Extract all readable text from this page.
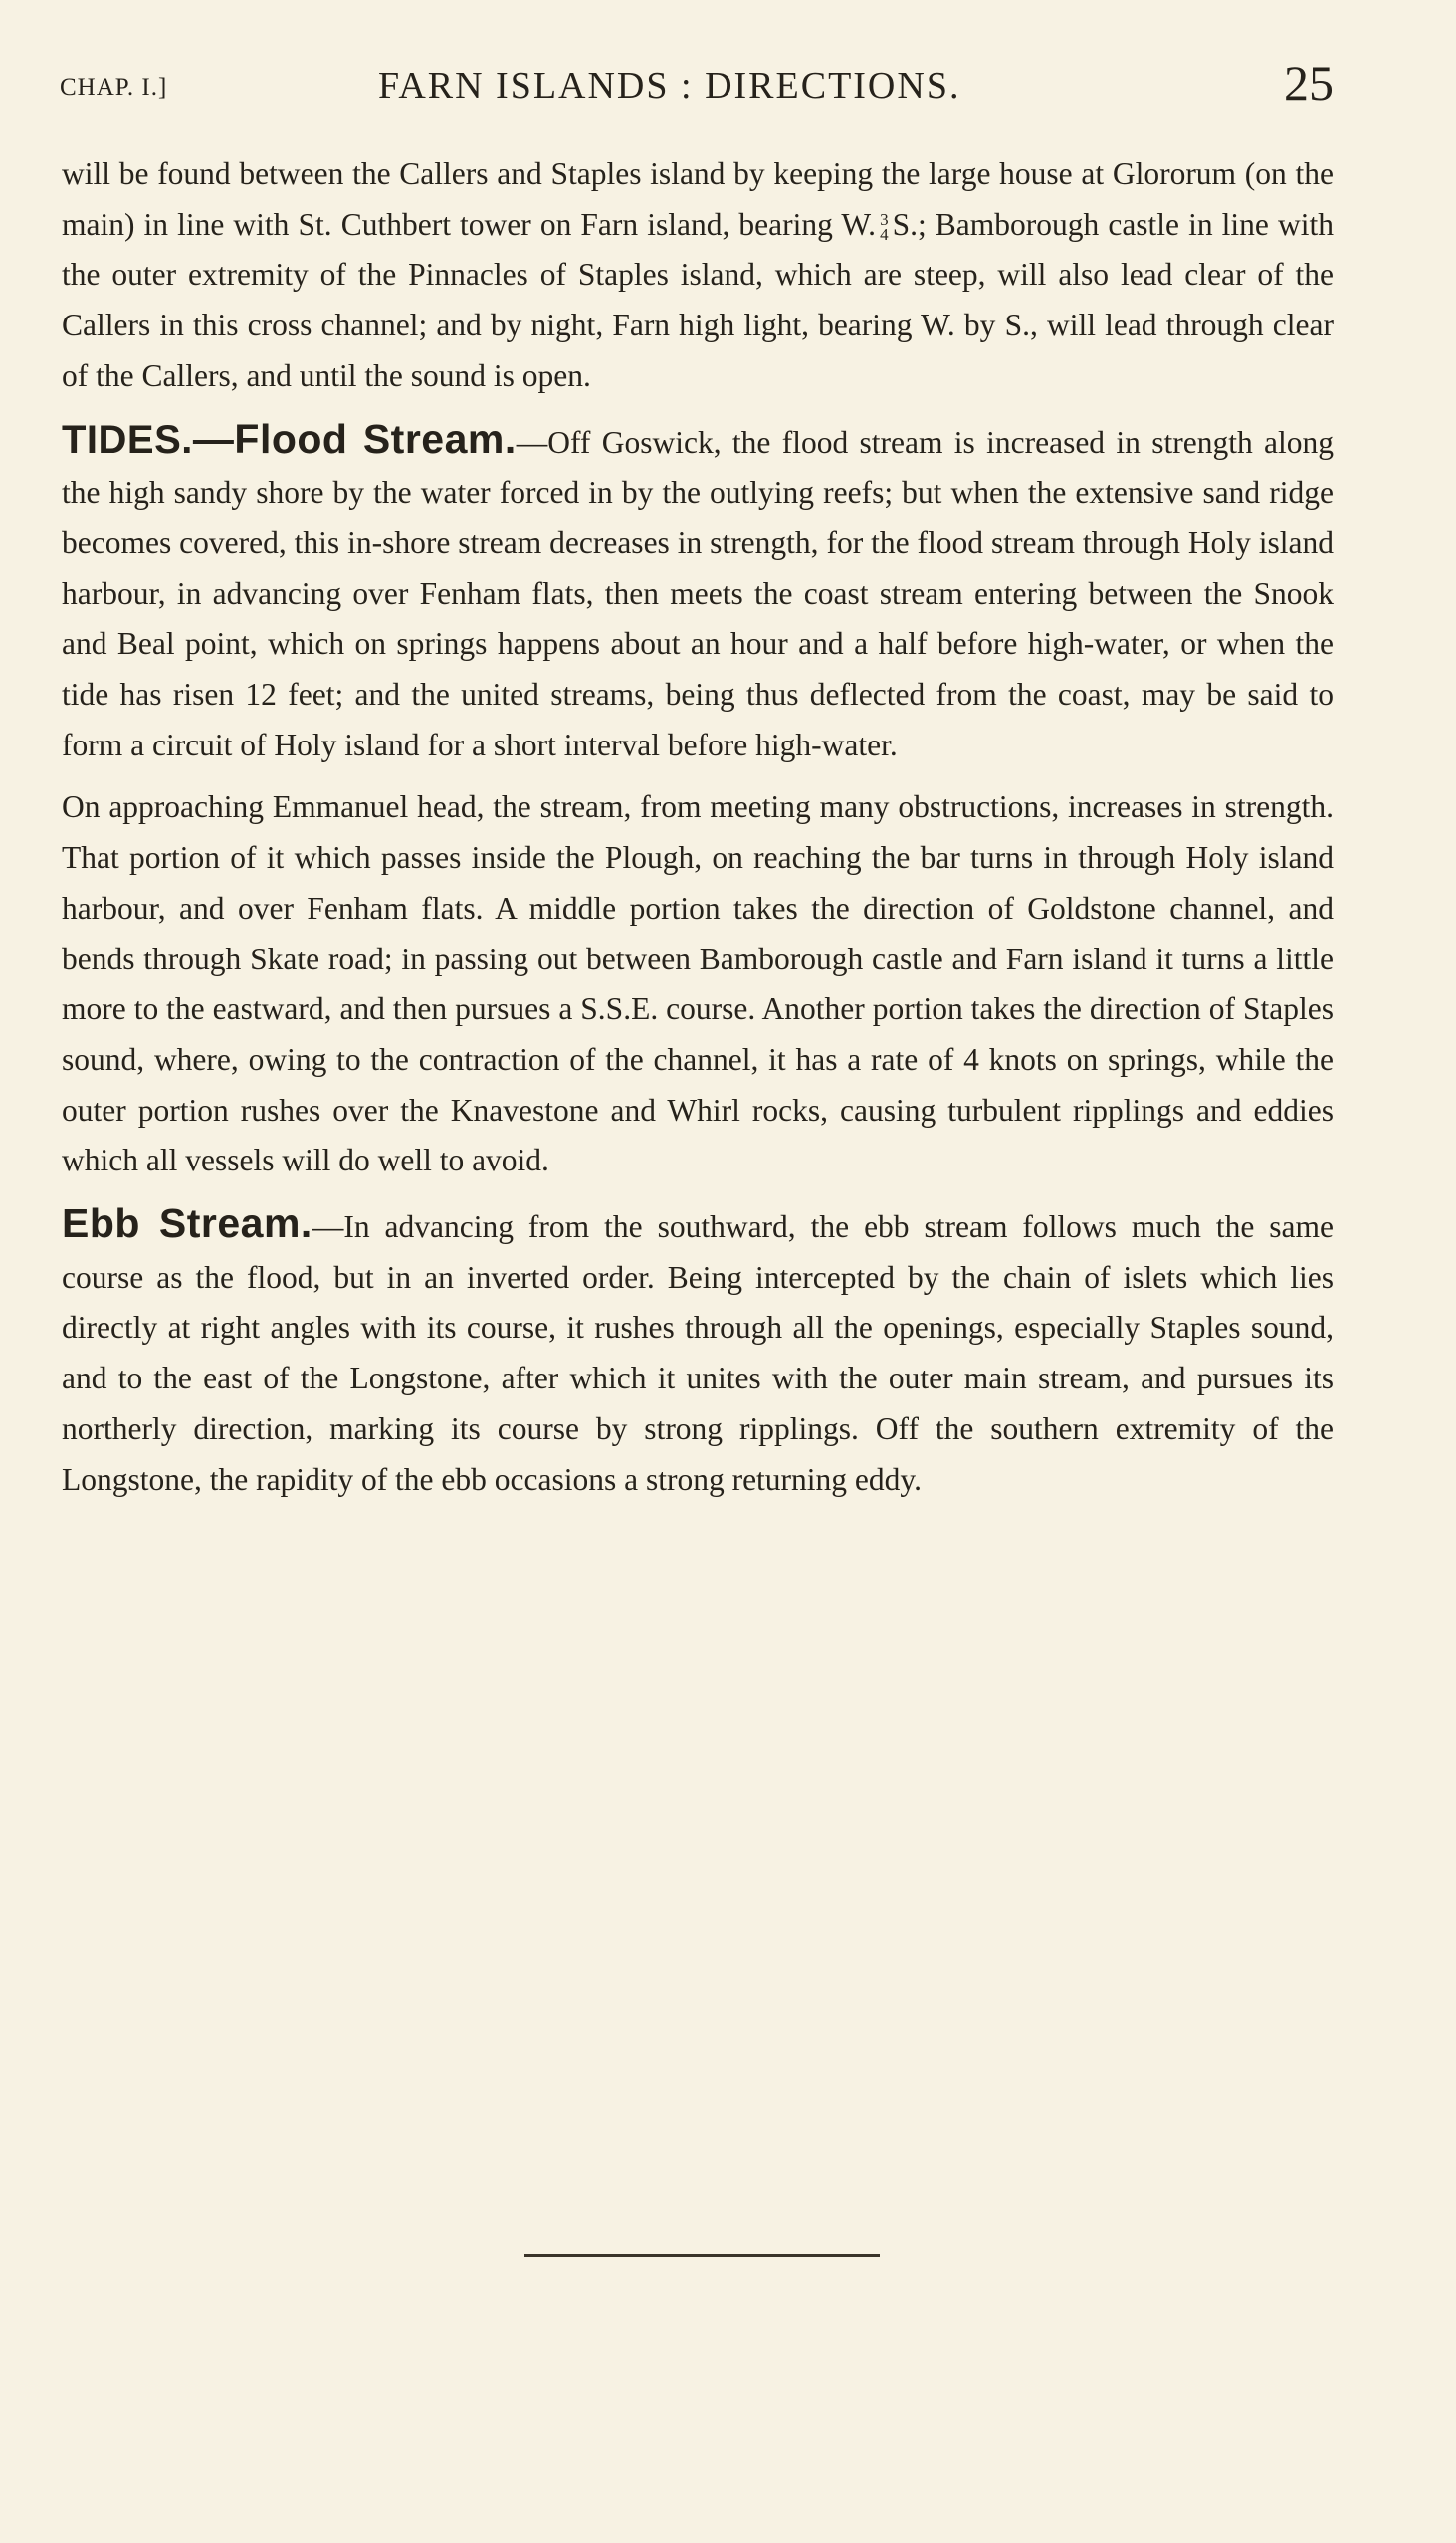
CHAP. I.]	FARN ISLANDS : DIRECTIONS.	25

will be found between the Callers and Staples island by keeping the large house at Glororum (on the main) in line with St. Cuthbert tower on Farn island, bearing W. 3
4 S.; Bamborough castle in line with the outer extremity of the Pinnacles of Staples island, which are steep, will also lead clear of the Callers in this cross channel; and by night, Farn high light, bearing W. by S., will lead through clear of the Callers, and until the sound is open.

TIDES.—Flood Stream.—Off Goswick, the flood stream is increased in strength along the high sandy shore by the water forced in by the outlying reefs; but when the extensive sand ridge becomes covered, this in-shore stream decreases in strength, for the flood stream through Holy island harbour, in advancing over Fenham flats, then meets the coast stream entering between the Snook and Beal point, which on springs happens about an hour and a half before high-water, or when the tide has risen 12 feet; and the united streams, being thus deflected from the coast, may be said to form a circuit of Holy island for a short interval before high-water.

On approaching Emmanuel head, the stream, from meeting many obstructions, increases in strength. That portion of it which passes inside the Plough, on reaching the bar turns in through Holy island harbour, and over Fenham flats. A middle portion takes the direction of Goldstone channel, and bends through Skate road; in passing out between Bamborough castle and Farn island it turns a little more to the eastward, and then pursues a S.S.E. course. Another portion takes the direction of Staples sound, where, owing to the contraction of the channel, it has a rate of 4 knots on springs, while the outer portion rushes over the Knavestone and Whirl rocks, causing turbulent ripplings and eddies which all vessels will do well to avoid.

Ebb Stream.—In advancing from the southward, the ebb stream follows much the same course as the flood, but in an inverted order. Being intercepted by the chain of islets which lies directly at right angles with its course, it rushes through all the openings, especially Staples sound, and to the east of the Longstone, after which it unites with the outer main stream, and pursues its northerly direction, marking its course by strong ripplings. Off the southern extremity of the Longstone, the rapidity of the ebb occasions a strong returning eddy.
